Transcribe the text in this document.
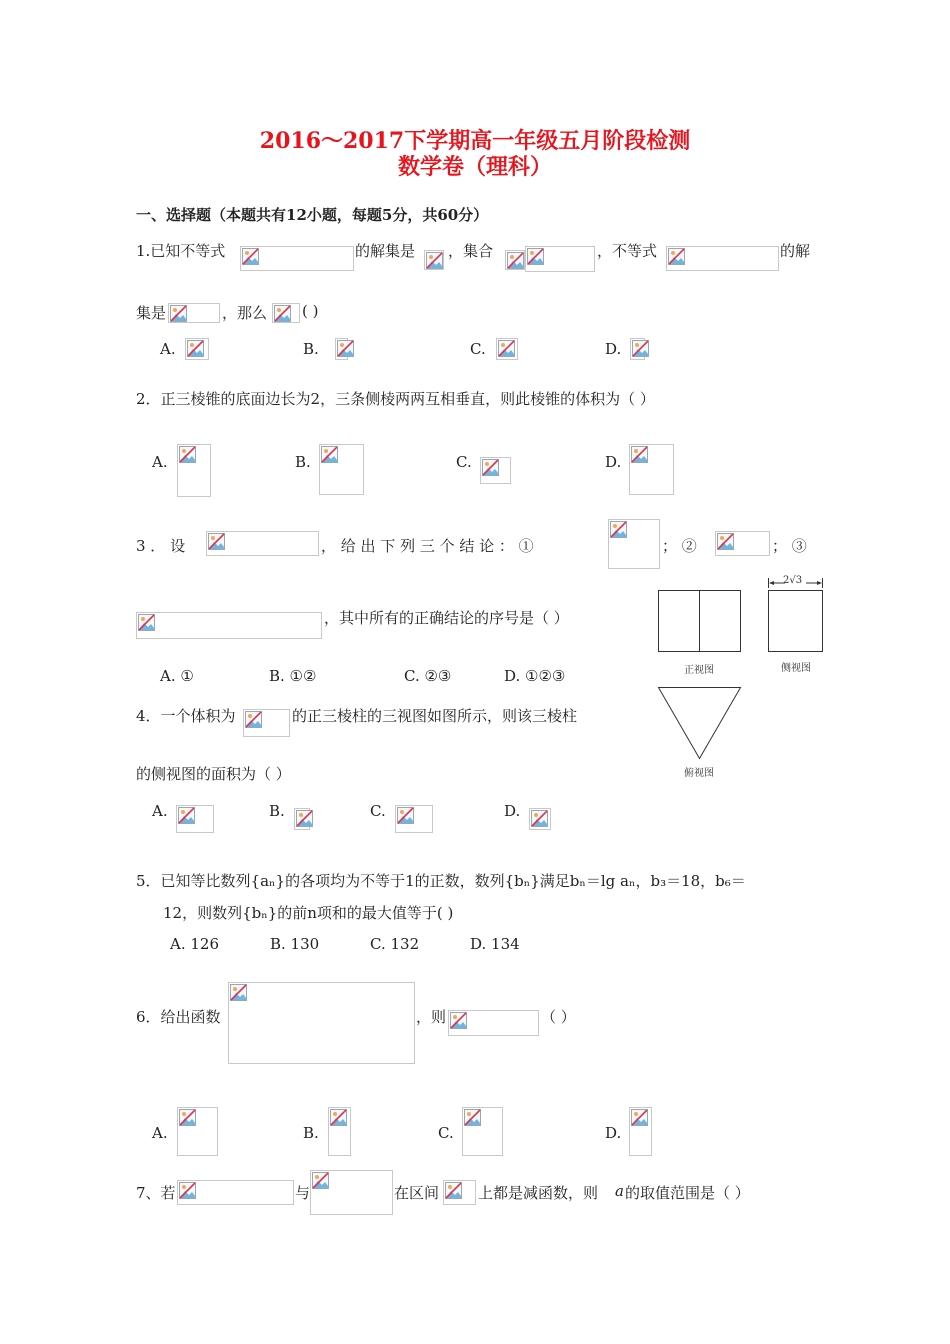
2016～2017下学期高一年级五月阶段检测
数学卷（理科）
一、选择题（本题共有12小题，每题5分，共60分）
1.已知不等式	的解集是 ，集合	，不等式	的解
集是	，那么 ( )
A.	B.	C.	D.
2．正三棱锥的底面边长为2，三条侧棱两两互相垂直，则此棱锥的体积为（ ）
A.	B.	C.	D.
3 ． 设	， 给 出 下 列 三 个 结 论 ： ①	； ②	； ③
，其中所有的正确结论的序号是（ ）
A. ①	B. ①②	C. ②③	D. ①②③
2√3
正视图	侧视图
俯视图
4．一个体积为	的正三棱柱的三视图如图所示，则该三棱柱
的侧视图的面积为（ ）
A.	B.	C.	D.
5．已知等比数列{aₙ}的各项均为不等于1的正数，数列{bₙ}满足bₙ＝lg aₙ，b₃＝18，b₆＝
12，则数列{bₙ}的前n项和的最大值等于( )
A. 126	B. 130	C. 132	D. 134
6．给出函数	，则	（ ）
A.	B.	C.	D.
7、若	与	在区间	上都是减函数，则 a 的取值范围是（ ）
